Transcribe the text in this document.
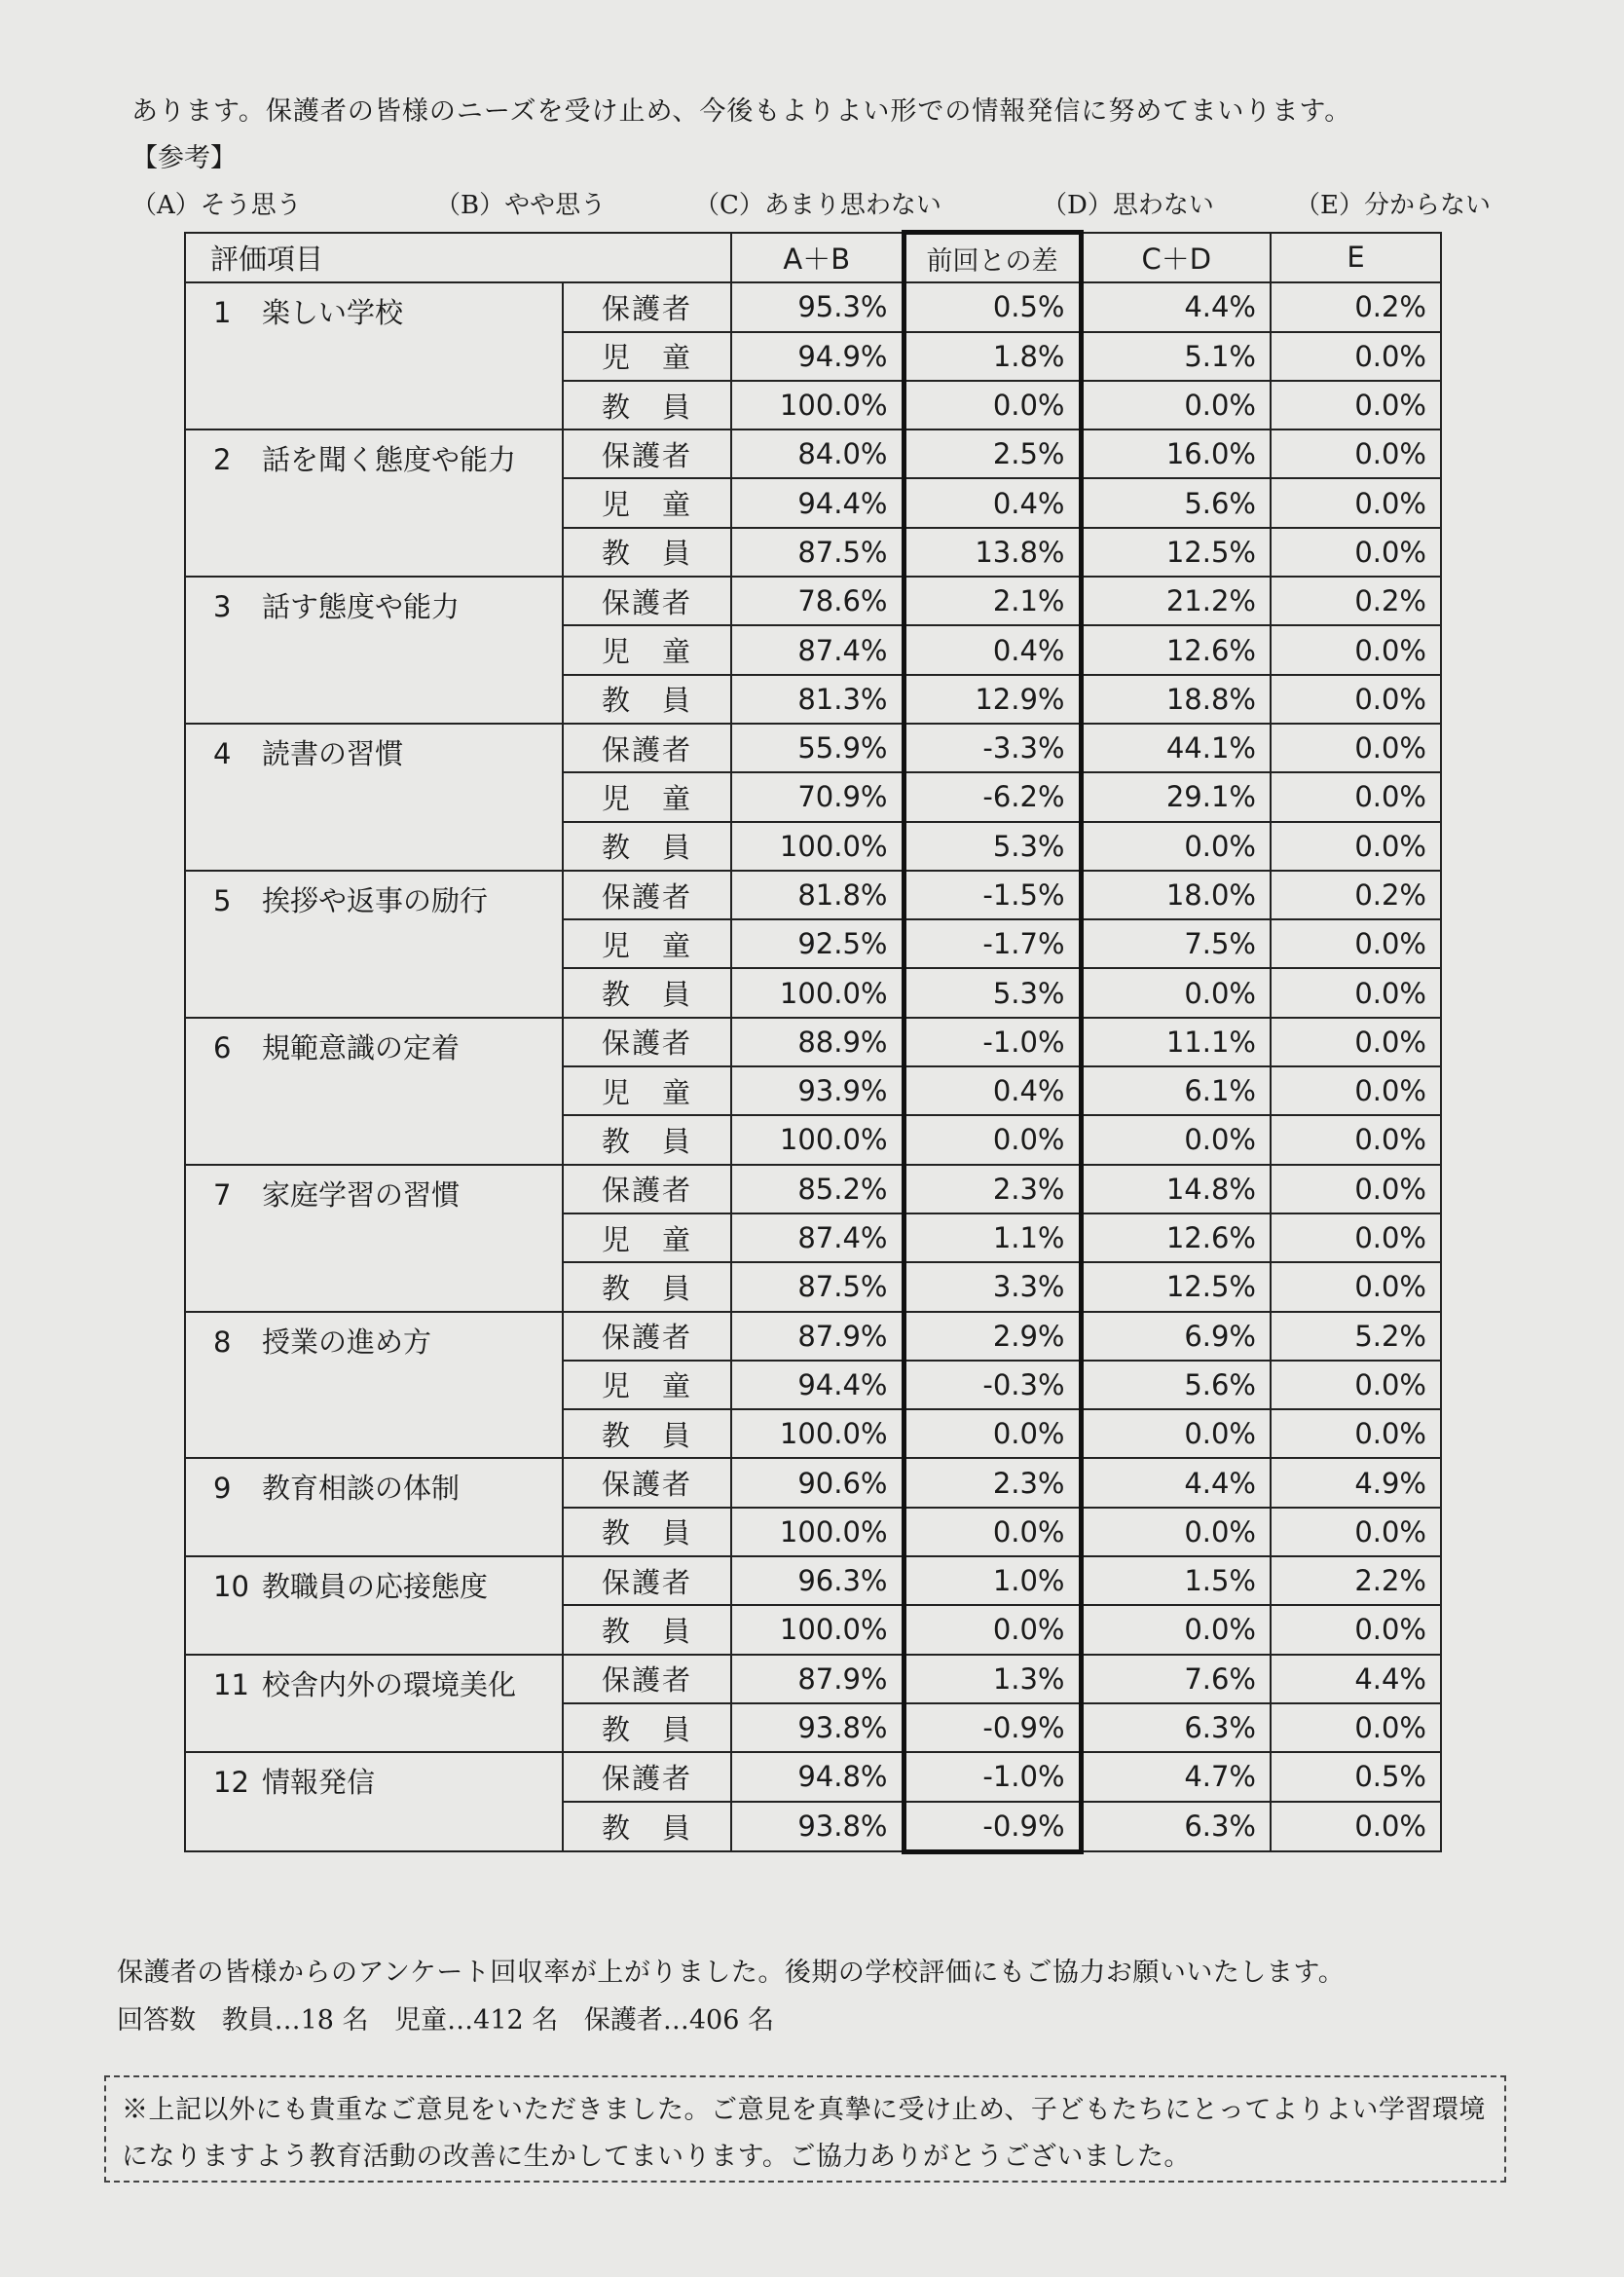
あります。保護者の皆様のニーズを受け止め、今後もよりよい形での情報発信に努めてまいります。
【参考】
（A）そう思う	（B）やや思う	（C）あまり思わない	（D）思わない	（E）分からない
評価項目		A＋B	前回との差	C＋D	E
1 楽しい学校	保護者	95.3%	0.5%	4.4%	0.2%
	児　童	94.9%	1.8%	5.1%	0.0%
	教　員	100.0%	0.0%	0.0%	0.0%
2 話を聞く態度や能力	保護者	84.0%	2.5%	16.0%	0.0%
	児　童	94.4%	0.4%	5.6%	0.0%
	教　員	87.5%	13.8%	12.5%	0.0%
3 話す態度や能力	保護者	78.6%	2.1%	21.2%	0.2%
	児　童	87.4%	0.4%	12.6%	0.0%
	教　員	81.3%	12.9%	18.8%	0.0%
4 読書の習慣	保護者	55.9%	-3.3%	44.1%	0.0%
	児　童	70.9%	-6.2%	29.1%	0.0%
	教　員	100.0%	5.3%	0.0%	0.0%
5 挨拶や返事の励行	保護者	81.8%	-1.5%	18.0%	0.2%
	児　童	92.5%	-1.7%	7.5%	0.0%
	教　員	100.0%	5.3%	0.0%	0.0%
6 規範意識の定着	保護者	88.9%	-1.0%	11.1%	0.0%
	児　童	93.9%	0.4%	6.1%	0.0%
	教　員	100.0%	0.0%	0.0%	0.0%
7 家庭学習の習慣	保護者	85.2%	2.3%	14.8%	0.0%
	児　童	87.4%	1.1%	12.6%	0.0%
	教　員	87.5%	3.3%	12.5%	0.0%
8 授業の進め方	保護者	87.9%	2.9%	6.9%	5.2%
	児　童	94.4%	-0.3%	5.6%	0.0%
	教　員	100.0%	0.0%	0.0%	0.0%
9 教育相談の体制	保護者	90.6%	2.3%	4.4%	4.9%
	教　員	100.0%	0.0%	0.0%	0.0%
10 教職員の応接態度	保護者	96.3%	1.0%	1.5%	2.2%
	教　員	100.0%	0.0%	0.0%	0.0%
11 校舎内外の環境美化	保護者	87.9%	1.3%	7.6%	4.4%
	教　員	93.8%	-0.9%	6.3%	0.0%
12 情報発信	保護者	94.8%	-1.0%	4.7%	0.5%
	教　員	93.8%	-0.9%	6.3%	0.0%
保護者の皆様からのアンケート回収率が上がりました。後期の学校評価にもご協力お願いいたします。
回答数 教員…18 名 児童…412 名 保護者…406 名
※上記以外にも貴重なご意見をいただきました。ご意見を真摯に受け止め、子どもたちにとってよりよい学習環境になりますよう教育活動の改善に生かしてまいります。ご協力ありがとうございました。
